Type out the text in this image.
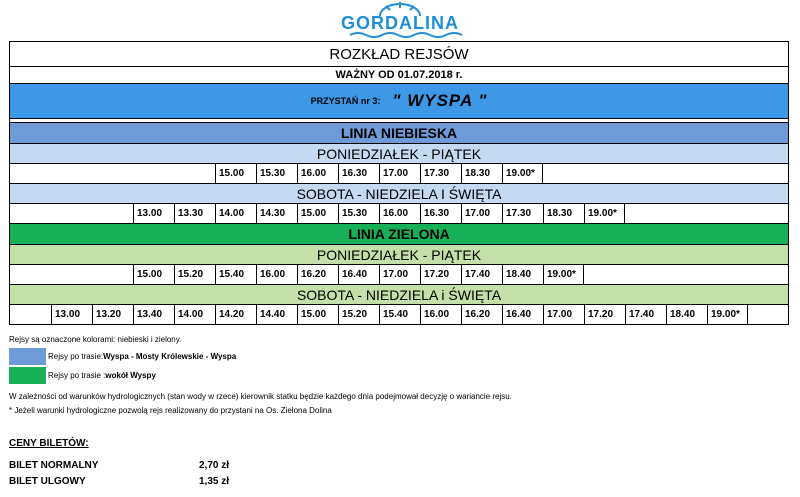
GORDALINA
ROZKŁAD REJSÓW
WAŻNY OD 01.07.2018 r.
PRZYSTAŃ nr 3: " WYSPA "
LINIA NIEBIESKA
PONIEDZIAŁEK - PIĄTEK
15.00	15.30	16.00	16.30	17.00	17.30	18.30	19.00*
SOBOTA - NIEDZIELA I ŚWIĘTA
13.00	13.30	14.00	14.30	15.00	15.30	16.00	16.30	17.00	17.30	18.30	19.00*
LINIA ZIELONA
PONIEDZIAŁEK - PIĄTEK
15.00	15.20	15.40	16.00	16.20	16.40	17.00	17.20	17.40	18.40	19.00*
SOBOTA - NIEDZIELA i ŚWIĘTA
13.00	13.20	13.40	14.00	14.20	14.40	15.00	15.20	15.40	16.00	16.20	16.40	17.00	17.20	17.40	18.40	19.00*
Rejsy są oznaczone kolorami: niebieski i zielony.
Rejsy po trasie: Wyspa - Mosty Królewskie - Wyspa
Rejsy po trasie : wokół Wyspy
W zależności od warunków hydrologicznych (stan wody w rzece) kierownik statku będzie każdego dnia podejmował decyzję o wariancie rejsu.
* Jeżeli warunki hydrologiczne pozwolą rejs realizowany do przystani na Os. Zielona Dolina
CENY BILETÓW:
BILET NORMALNY	2,70 zł
BILET ULGOWY	1,35 zł
